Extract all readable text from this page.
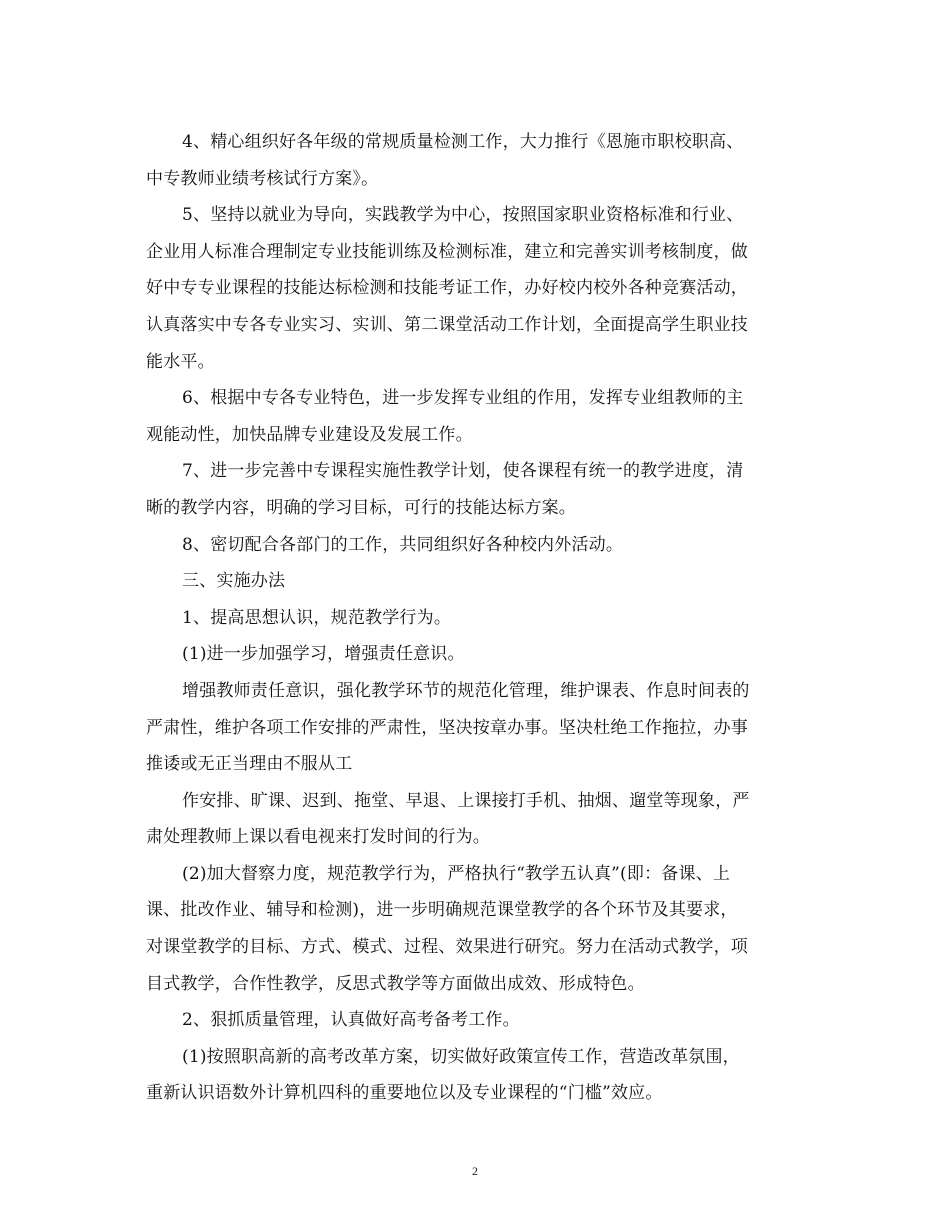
4、精心组织好各年级的常规质量检测工作，大力推行《恩施市职校职高、
中专教师业绩考核试行方案》。
5、坚持以就业为导向，实践教学为中心，按照国家职业资格标准和行业、
企业用人标准合理制定专业技能训练及检测标准，建立和完善实训考核制度，做
好中专专业课程的技能达标检测和技能考证工作，办好校内校外各种竞赛活动，
认真落实中专各专业实习、实训、第二课堂活动工作计划，全面提高学生职业技
能水平。
6、根据中专各专业特色，进一步发挥专业组的作用，发挥专业组教师的主
观能动性，加快品牌专业建设及发展工作。
7、进一步完善中专课程实施性教学计划，使各课程有统一的教学进度，清
晰的教学内容，明确的学习目标，可行的技能达标方案。
8、密切配合各部门的工作，共同组织好各种校内外活动。
三、实施办法
1、提高思想认识，规范教学行为。
(1)进一步加强学习，增强责任意识。
增强教师责任意识，强化教学环节的规范化管理，维护课表、作息时间表的
严肃性，维护各项工作安排的严肃性，坚决按章办事。坚决杜绝工作拖拉，办事
推诿或无正当理由不服从工
作安排、旷课、迟到、拖堂、早退、上课接打手机、抽烟、遛堂等现象，严
肃处理教师上课以看电视来打发时间的行为。
(2)加大督察力度，规范教学行为，严格执行“教学五认真”(即：备课、上
课、批改作业、辅导和检测)，进一步明确规范课堂教学的各个环节及其要求，
对课堂教学的目标、方式、模式、过程、效果进行研究。努力在活动式教学，项
目式教学，合作性教学，反思式教学等方面做出成效、形成特色。
2、狠抓质量管理，认真做好高考备考工作。
(1)按照职高新的高考改革方案，切实做好政策宣传工作，营造改革氛围，
重新认识语数外计算机四科的重要地位以及专业课程的“门槛”效应。
2
